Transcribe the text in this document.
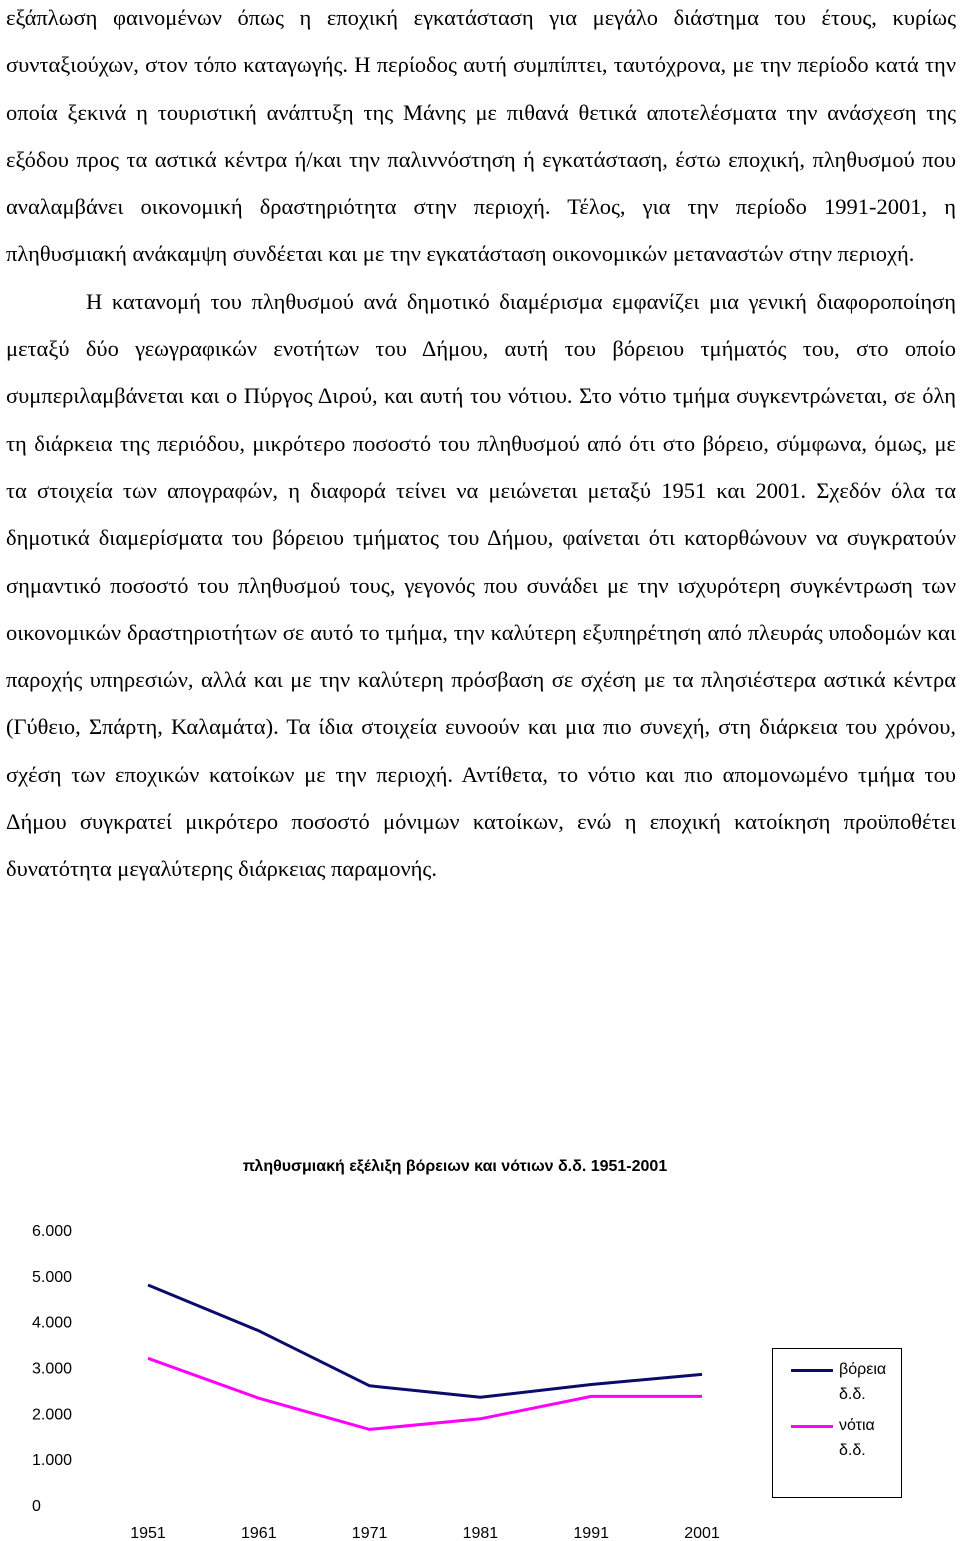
εξάπλωση φαινομένων όπως η εποχική εγκατάσταση για μεγάλο διάστημα του έτους, κυρίως συνταξιούχων, στον τόπο καταγωγής. Η περίοδος αυτή συμπίπτει, ταυτόχρονα, με την περίοδο κατά την οποία ξεκινά η τουριστική ανάπτυξη της Μάνης με πιθανά θετικά αποτελέσματα την ανάσχεση της εξόδου προς τα αστικά κέντρα ή/και την παλιννόστηση ή εγκατάσταση, έστω εποχική, πληθυσμού που αναλαμβάνει οικονομική δραστηριότητα στην περιοχή. Τέλος, για την περίοδο 1991-2001, η πληθυσμιακή ανάκαμψη συνδέεται και με την εγκατάσταση οικονομικών μεταναστών στην περιοχή.

Η κατανομή του πληθυσμού ανά δημοτικό διαμέρισμα εμφανίζει μια γενική διαφοροποίηση μεταξύ δύο γεωγραφικών ενοτήτων του Δήμου, αυτή του βόρειου τμήματός του, στο οποίο συμπεριλαμβάνεται και ο Πύργος Διρού, και αυτή του νότιου. Στο νότιο τμήμα συγκεντρώνεται, σε όλη τη διάρκεια της περιόδου, μικρότερο ποσοστό του πληθυσμού από ότι στο βόρειο, σύμφωνα, όμως, με τα στοιχεία των απογραφών, η διαφορά τείνει να μειώνεται μεταξύ 1951 και 2001. Σχεδόν όλα τα δημοτικά διαμερίσματα του βόρειου τμήματος του Δήμου, φαίνεται ότι κατορθώνουν να συγκρατούν σημαντικό ποσοστό του πληθυσμού τους, γεγονός που συνάδει με την ισχυρότερη συγκέντρωση των οικονομικών δραστηριοτήτων σε αυτό το τμήμα, την καλύτερη εξυπηρέτηση από πλευράς υποδομών και παροχής υπηρεσιών, αλλά και με την καλύτερη πρόσβαση σε σχέση με τα πλησιέστερα αστικά κέντρα (Γύθειο, Σπάρτη, Καλαμάτα). Τα ίδια στοιχεία ευνοούν και μια πιο συνεχή, στη διάρκεια του χρόνου, σχέση των εποχικών κατοίκων με την περιοχή. Αντίθετα, το νότιο και πιο απομονωμένο τμήμα του Δήμου συγκρατεί μικρότερο ποσοστό μόνιμων κατοίκων, ενώ η εποχική κατοίκηση προϋποθέτει δυνατότητα μεγαλύτερης διάρκειας παραμονής.

πληθυσμιακή εξέλιξη βόρειων και νότιων δ.δ. 1951-2001
6.000
5.000
4.000
3.000
2.000
1.000
0
1951	1961	1971	1981	1991	2001
βόρεια δ.δ.
νότια δ.δ.
